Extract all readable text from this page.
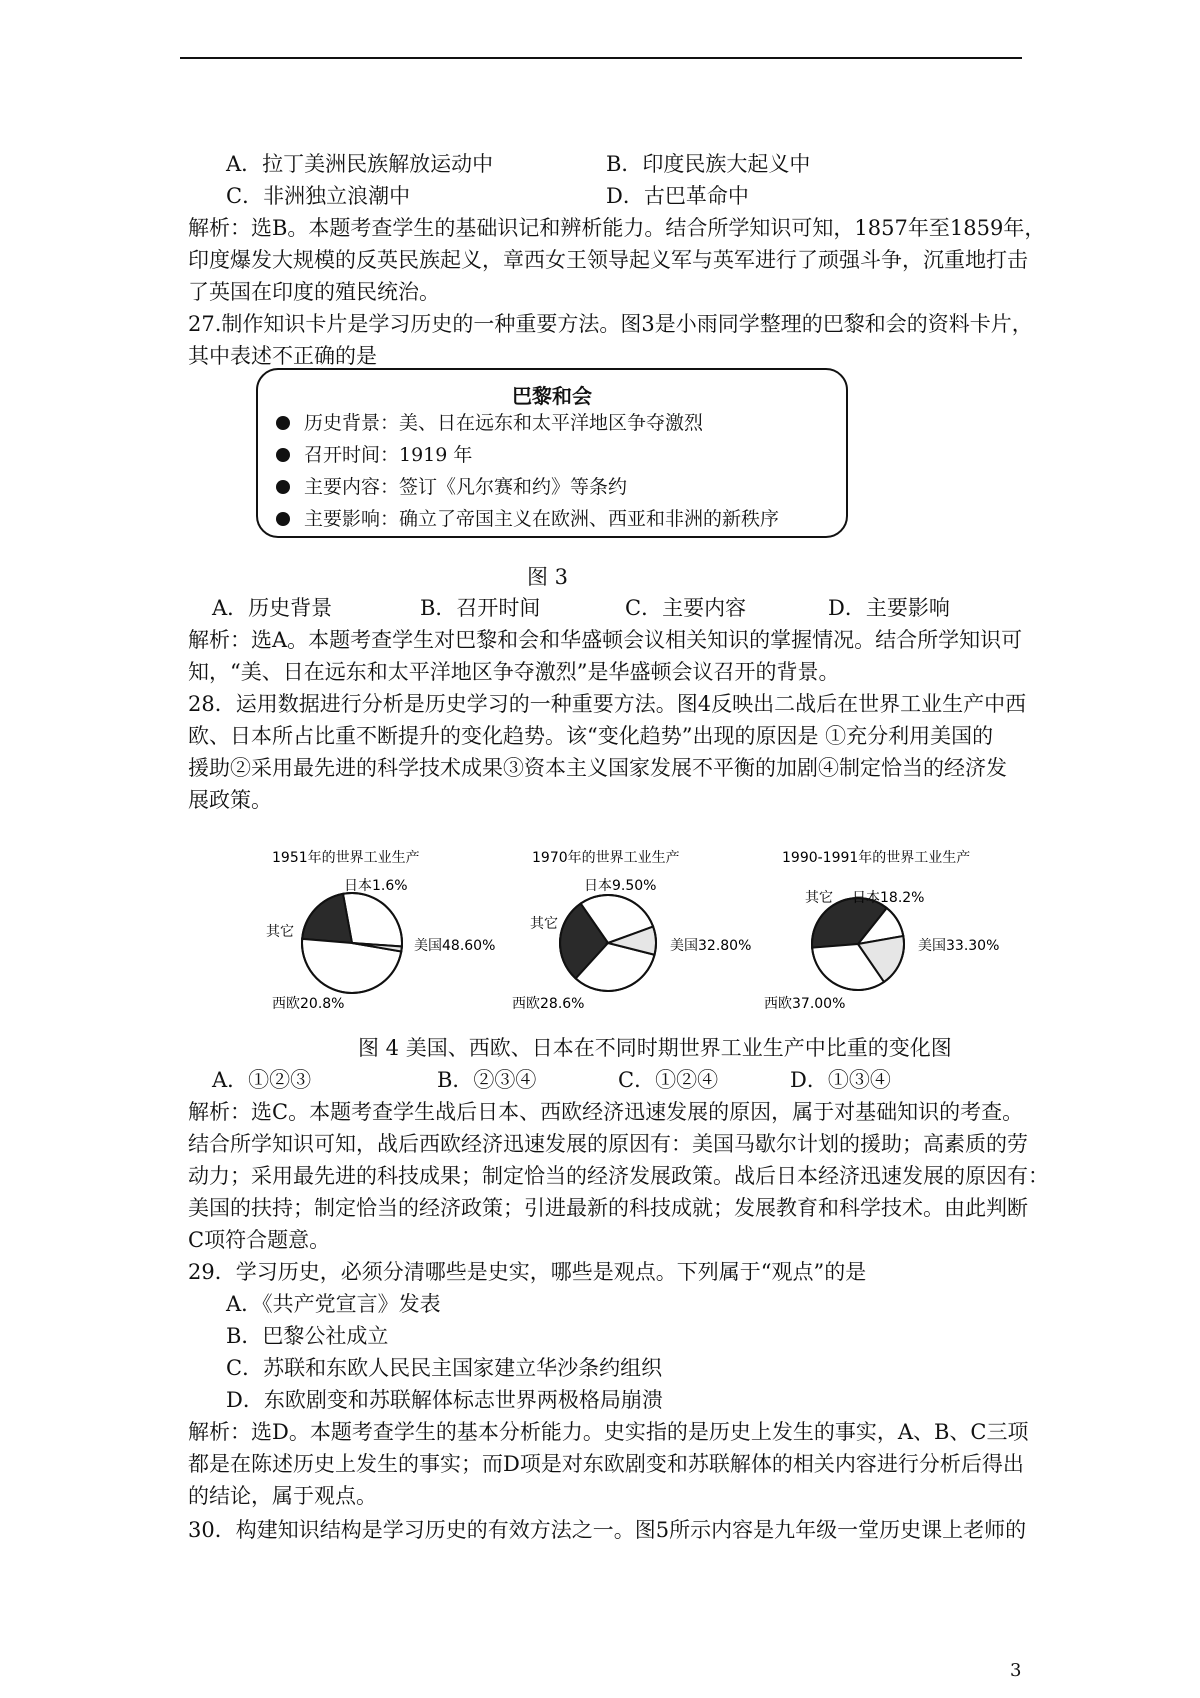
A．拉丁美洲民族解放运动中	B．印度民族大起义中
C．非洲独立浪潮中	D．古巴革命中
解析：选B。本题考查学生的基础识记和辨析能力。结合所学知识可知，1857年至1859年，
印度爆发大规模的反英民族起义，章西女王领导起义军与英军进行了顽强斗争，沉重地打击
了英国在印度的殖民统治。
27.制作知识卡片是学习历史的一种重要方法。图3是小雨同学整理的巴黎和会的资料卡片，
其中表述不正确的是
巴黎和会
历史背景：美、日在远东和太平洋地区争夺激烈
召开时间：1919 年
主要内容：签订《凡尔赛和约》等条约
主要影响：确立了帝国主义在欧洲、西亚和非洲的新秩序
图 3
A．历史背景	B．召开时间	C．主要内容	D．主要影响
解析：选A。本题考查学生对巴黎和会和华盛顿会议相关知识的掌握情况。结合所学知识可
知，“美、日在远东和太平洋地区争夺激烈”是华盛顿会议召开的背景。
28．运用数据进行分析是历史学习的一种重要方法。图4反映出二战后在世界工业生产中西
欧、日本所占比重不断提升的变化趋势。该“变化趋势”出现的原因是 ①充分利用美国的
援助②采用最先进的科学技术成果③资本主义国家发展不平衡的加剧④制定恰当的经济发
展政策。
1951年的世界工业生产
日本1.6%
其它
美国48.60%
西欧20.8%
1970年的世界工业生产
日本9.50%
其它
美国32.80%
西欧28.6%
1990-1991年的世界工业生产
其它 日本18.2%
美国33.30%
西欧37.00%
图 4 美国、西欧、日本在不同时期世界工业生产中比重的变化图
A．①②③	B．②③④	C．①②④	D．①③④
解析：选C。本题考查学生战后日本、西欧经济迅速发展的原因，属于对基础知识的考查。
结合所学知识可知，战后西欧经济迅速发展的原因有：美国马歇尔计划的援助；高素质的劳
动力；采用最先进的科技成果；制定恰当的经济发展政策。战后日本经济迅速发展的原因有：
美国的扶持；制定恰当的经济政策；引进最新的科技成就；发展教育和科学技术。由此判断
C项符合题意。
29．学习历史，必须分清哪些是史实，哪些是观点。下列属于“观点”的是
A．《共产党宣言》发表
B．巴黎公社成立
C．苏联和东欧人民民主国家建立华沙条约组织
D．东欧剧变和苏联解体标志世界两极格局崩溃
解析：选D。本题考查学生的基本分析能力。史实指的是历史上发生的事实，A、B、C三项
都是在陈述历史上发生的事实；而D项是对东欧剧变和苏联解体的相关内容进行分析后得出
的结论，属于观点。
30．构建知识结构是学习历史的有效方法之一。图5所示内容是九年级一堂历史课上老师的
3
